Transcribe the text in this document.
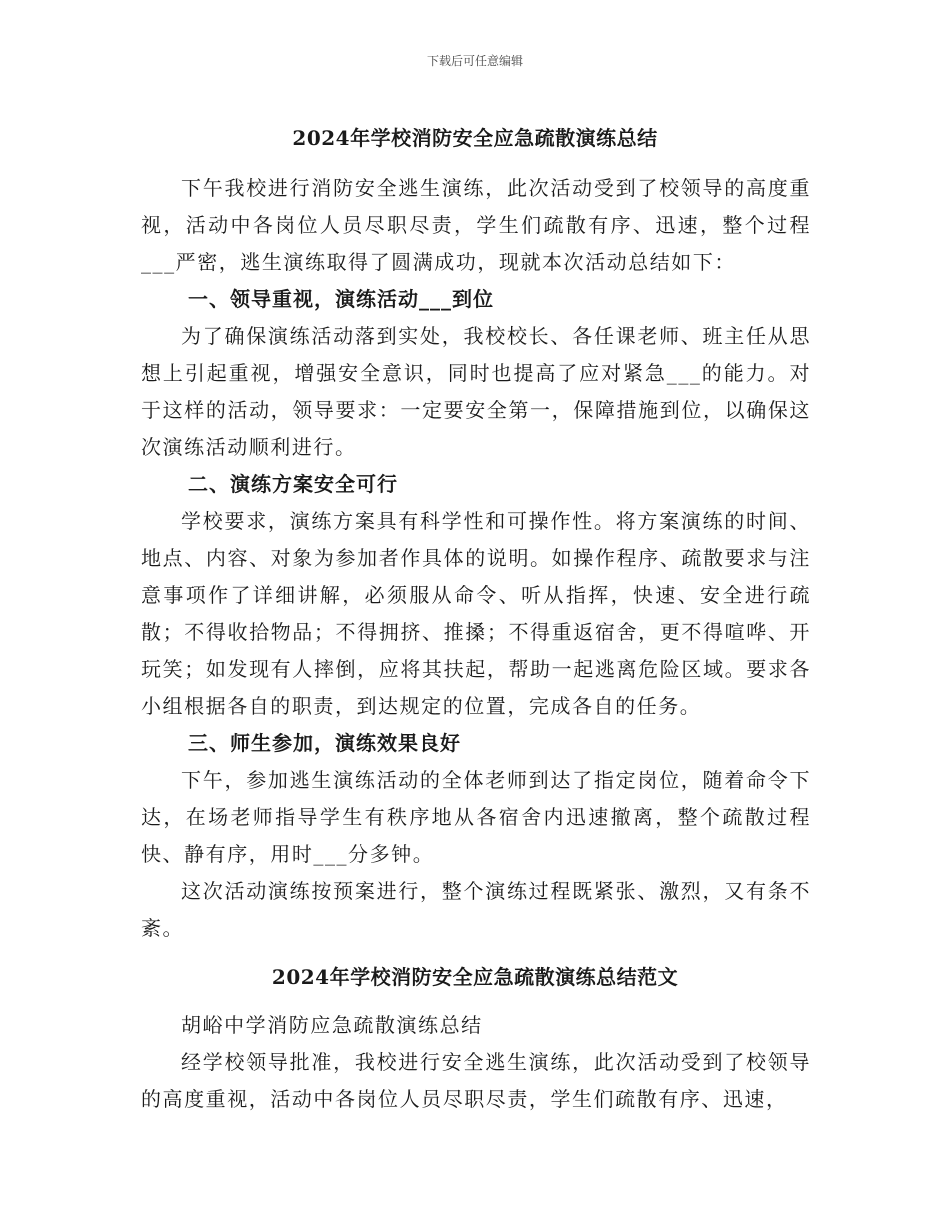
下载后可任意编辑
2024年学校消防安全应急疏散演练总结

下午我校进行消防安全逃生演练，此次活动受到了校领导的高度重视，活动中各岗位人员尽职尽责，学生们疏散有序、迅速，整个过程___严密，逃生演练取得了圆满成功，现就本次活动总结如下：

一、领导重视，演练活动___到位

为了确保演练活动落到实处，我校校长、各任课老师、班主任从思想上引起重视，增强安全意识，同时也提高了应对紧急___的能力。对于这样的活动，领导要求：一定要安全第一，保障措施到位，以确保这次演练活动顺利进行。

二、演练方案安全可行

学校要求，演练方案具有科学性和可操作性。将方案演练的时间、地点、内容、对象为参加者作具体的说明。如操作程序、疏散要求与注意事项作了详细讲解，必须服从命令、听从指挥，快速、安全进行疏散；不得收拾物品；不得拥挤、推搡；不得重返宿舍，更不得喧哗、开玩笑；如发现有人摔倒，应将其扶起，帮助一起逃离危险区域。要求各小组根据各自的职责，到达规定的位置，完成各自的任务。

三、师生参加，演练效果良好

下午，参加逃生演练活动的全体老师到达了指定岗位，随着命令下达，在场老师指导学生有秩序地从各宿舍内迅速撤离，整个疏散过程快、静有序，用时___分多钟。

这次活动演练按预案进行，整个演练过程既紧张、激烈，又有条不紊。

2024年学校消防安全应急疏散演练总结范文

胡峪中学消防应急疏散演练总结

经学校领导批准，我校进行安全逃生演练，此次活动受到了校领导的高度重视，活动中各岗位人员尽职尽责，学生们疏散有序、迅速，
